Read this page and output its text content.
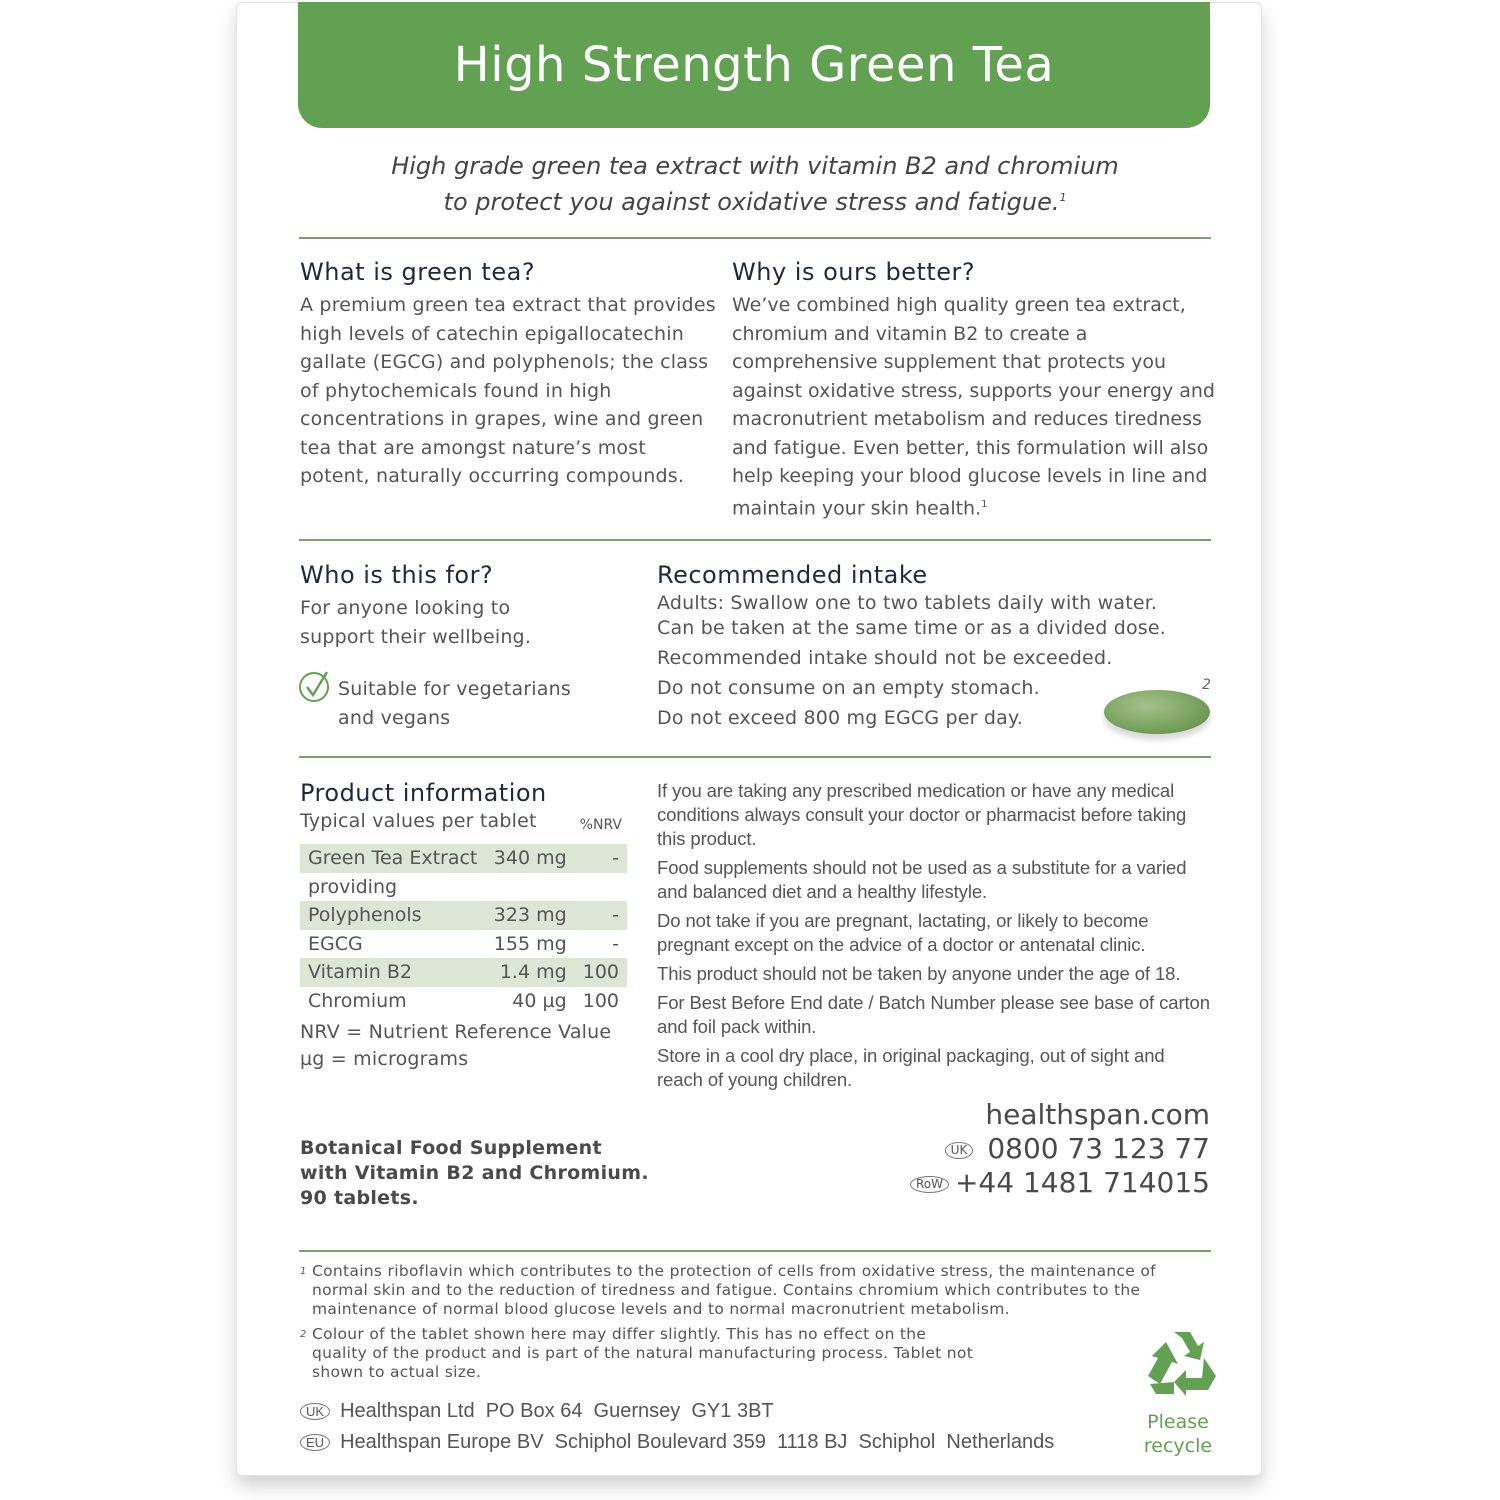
High Strength Green Tea
High grade green tea extract with vitamin B2 and chromium
to protect you against oxidative stress and fatigue.$^1$
What is green tea?

A premium green tea extract that provides high levels of catechin epigallocatechin gallate (EGCG) and polyphenols; the class of phytochemicals found in high concentrations in grapes, wine and green tea that are amongst nature’s most potent, naturally occurring compounds.

Why is ours better?

We’ve combined high quality green tea extract, chromium and vitamin B2 to create a comprehensive supplement that protects you against oxidative stress, supports your energy and macronutrient metabolism and reduces tiredness and fatigue. Even better, this formulation will also help keeping your blood glucose levels in line and maintain your skin health.$^1$

Who is this for?

For anyone looking to support their wellbeing.

Suitable for vegetarians and vegans
Recommended intake
Adults: Swallow one to two tablets daily with water.
Can be taken at the same time or as a divided dose.
Recommended intake should not be exceeded.
Do not consume on an empty stomach.
Do not exceed 800 mg EGCG per day.
2
Product information
Typical values per tablet	%NRV
Green Tea Extract	340 mg	-
providing		
Polyphenols	323 mg	-
EGCG	155 mg	-
Vitamin B2	1.4 mg	100
Chromium	40 µg	100
NRV = Nutrient Reference Value
µg = micrograms

If you are taking any prescribed medication or have any medical conditions always consult your doctor or pharmacist before taking this product.

Food supplements should not be used as a substitute for a varied and balanced diet and a healthy lifestyle.

Do not take if you are pregnant, lactating, or likely to become pregnant except on the advice of a doctor or antenatal clinic.

This product should not be taken by anyone under the age of 18.

For Best Before End date / Batch Number please see base of carton and foil pack within.

Store in a cool dry place, in original packaging, out of sight and reach of young children.

healthspan.com
UK 0800 73 123 77
RoW +44 1481 714015
Botanical Food Supplement
with Vitamin B2 and Chromium.
90 tablets.
1 Contains riboflavin which contributes to the protection of cells from oxidative stress, the maintenance of normal skin and to the reduction of tiredness and fatigue. Contains chromium which contributes to the maintenance of normal blood glucose levels and to normal macronutrient metabolism.
2 Colour of the tablet shown here may differ slightly. This has no effect on the quality of the product and is part of the natural manufacturing process. Tablet not shown to actual size.
UK Healthspan Ltd  PO Box 64  Guernsey  GY1 3BT
EU Healthspan Europe BV  Schiphol Boulevard 359  1118 BJ  Schiphol  Netherlands
Please
recycle
